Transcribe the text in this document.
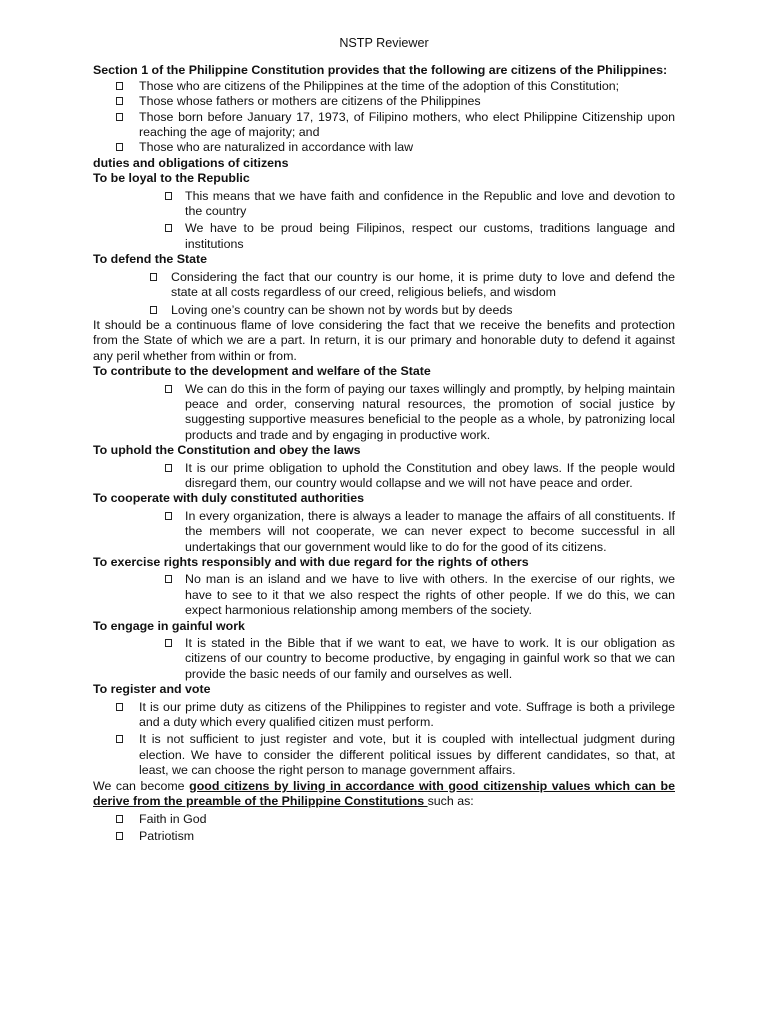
NSTP Reviewer
Section 1 of the Philippine Constitution provides that the following are citizens of the Philippines:
Those who are citizens of the Philippines at the time of the adoption of this Constitution;
Those whose fathers or mothers are citizens of the Philippines
Those born before January 17, 1973, of Filipino mothers, who elect Philippine Citizenship upon reaching the age of majority; and
Those who are naturalized in accordance with law
duties and obligations of citizens
To be loyal to the Republic
This means that we have faith and confidence in the Republic and love and devotion to the country
We have to be proud being Filipinos, respect our customs, traditions language and institutions
To defend the State
Considering the fact that our country is our home, it is prime duty to love and defend the state at all costs regardless of our creed, religious beliefs, and wisdom
Loving one’s country can be shown not by words but by deeds
It should be a continuous flame of love considering the fact that we receive the benefits and protection from the State of which we are a part. In return, it is our primary and honorable duty to defend it against any peril whether from within or from.
To contribute to the development and welfare of the State
We can do this in the form of paying our taxes willingly and promptly, by helping maintain peace and order, conserving natural resources, the promotion of social justice by suggesting supportive measures beneficial to the people as a whole, by patronizing local products and trade and by engaging in productive work.
To uphold the Constitution and obey the laws
It is our prime obligation to uphold the Constitution and obey laws. If the people would disregard them, our country would collapse and we will not have peace and order.
To cooperate with duly constituted authorities
In every organization, there is always a leader to manage the affairs of all constituents. If the members will not cooperate, we can never expect to become successful in all undertakings that our government would like to do for the good of its citizens.
To exercise rights responsibly and with due regard for the rights of others
No man is an island and we have to live with others. In the exercise of our rights, we have to see to it that we also respect the rights of other people. If we do this, we can expect harmonious relationship among members of the society.
To engage in gainful work
It is stated in the Bible that if we want to eat, we have to work. It is our obligation as citizens of our country to become productive, by engaging in gainful work so that we can provide the basic needs of our family and ourselves as well.
To register and vote
It is our prime duty as citizens of the Philippines to register and vote. Suffrage is both a privilege and a duty which every qualified citizen must perform.
It is not sufficient to just register and vote, but it is coupled with intellectual judgment during election. We have to consider the different political issues by different candidates, so that, at least, we can choose the right person to manage government affairs.
We can become good citizens by living in accordance with good citizenship values which can be derive from the preamble of the Philippine Constitutions such as:
Faith in God
Patriotism
